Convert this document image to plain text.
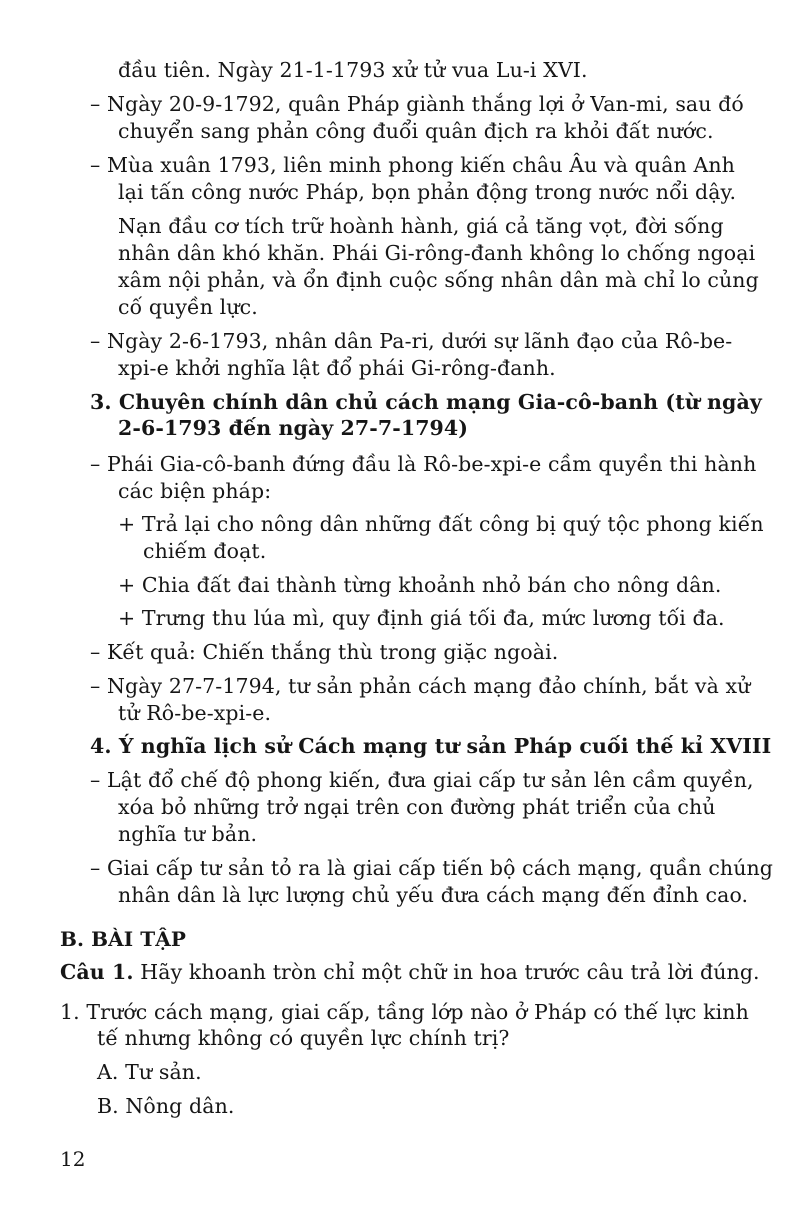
đầu tiên. Ngày 21-1-1793 xử tử vua Lu-i XVI.
– Ngày 20-9-1792, quân Pháp giành thắng lợi ở Van-mi, sau đó
chuyển sang phản công đuổi quân địch ra khỏi đất nước.
– Mùa xuân 1793, liên minh phong kiến châu Âu và quân Anh
lại tấn công nước Pháp, bọn phản động trong nước nổi dậy.
Nạn đầu cơ tích trữ hoành hành, giá cả tăng vọt, đời sống
nhân dân khó khăn. Phái Gi-rông-đanh không lo chống ngoại
xâm nội phản, và ổn định cuộc sống nhân dân mà chỉ lo củng
cố quyền lực.
– Ngày 2-6-1793, nhân dân Pa-ri, dưới sự lãnh đạo của Rô-be-
xpi-e khởi nghĩa lật đổ phái Gi-rông-đanh.
3. Chuyên chính dân chủ cách mạng Gia-cô-banh (từ ngày
2-6-1793 đến ngày 27-7-1794)
– Phái Gia-cô-banh đứng đầu là Rô-be-xpi-e cầm quyền thi hành
các biện pháp:
+ Trả lại cho nông dân những đất công bị quý tộc phong kiến
chiếm đoạt.
+ Chia đất đai thành từng khoảnh nhỏ bán cho nông dân.
+ Trưng thu lúa mì, quy định giá tối đa, mức lương tối đa.
– Kết quả: Chiến thắng thù trong giặc ngoài.
– Ngày 27-7-1794, tư sản phản cách mạng đảo chính, bắt và xử
tử Rô-be-xpi-e.
4. Ý nghĩa lịch sử Cách mạng tư sản Pháp cuối thế kỉ XVIII
– Lật đổ chế độ phong kiến, đưa giai cấp tư sản lên cầm quyền,
xóa bỏ những trở ngại trên con đường phát triển của chủ
nghĩa tư bản.
– Giai cấp tư sản tỏ ra là giai cấp tiến bộ cách mạng, quần chúng
nhân dân là lực lượng chủ yếu đưa cách mạng đến đỉnh cao.
B. BÀI TẬP
Câu 1. Hãy khoanh tròn chỉ một chữ in hoa trước câu trả lời đúng.
1. Trước cách mạng, giai cấp, tầng lớp nào ở Pháp có thế lực kinh
tế nhưng không có quyền lực chính trị?
A. Tư sản.
B. Nông dân.
12
